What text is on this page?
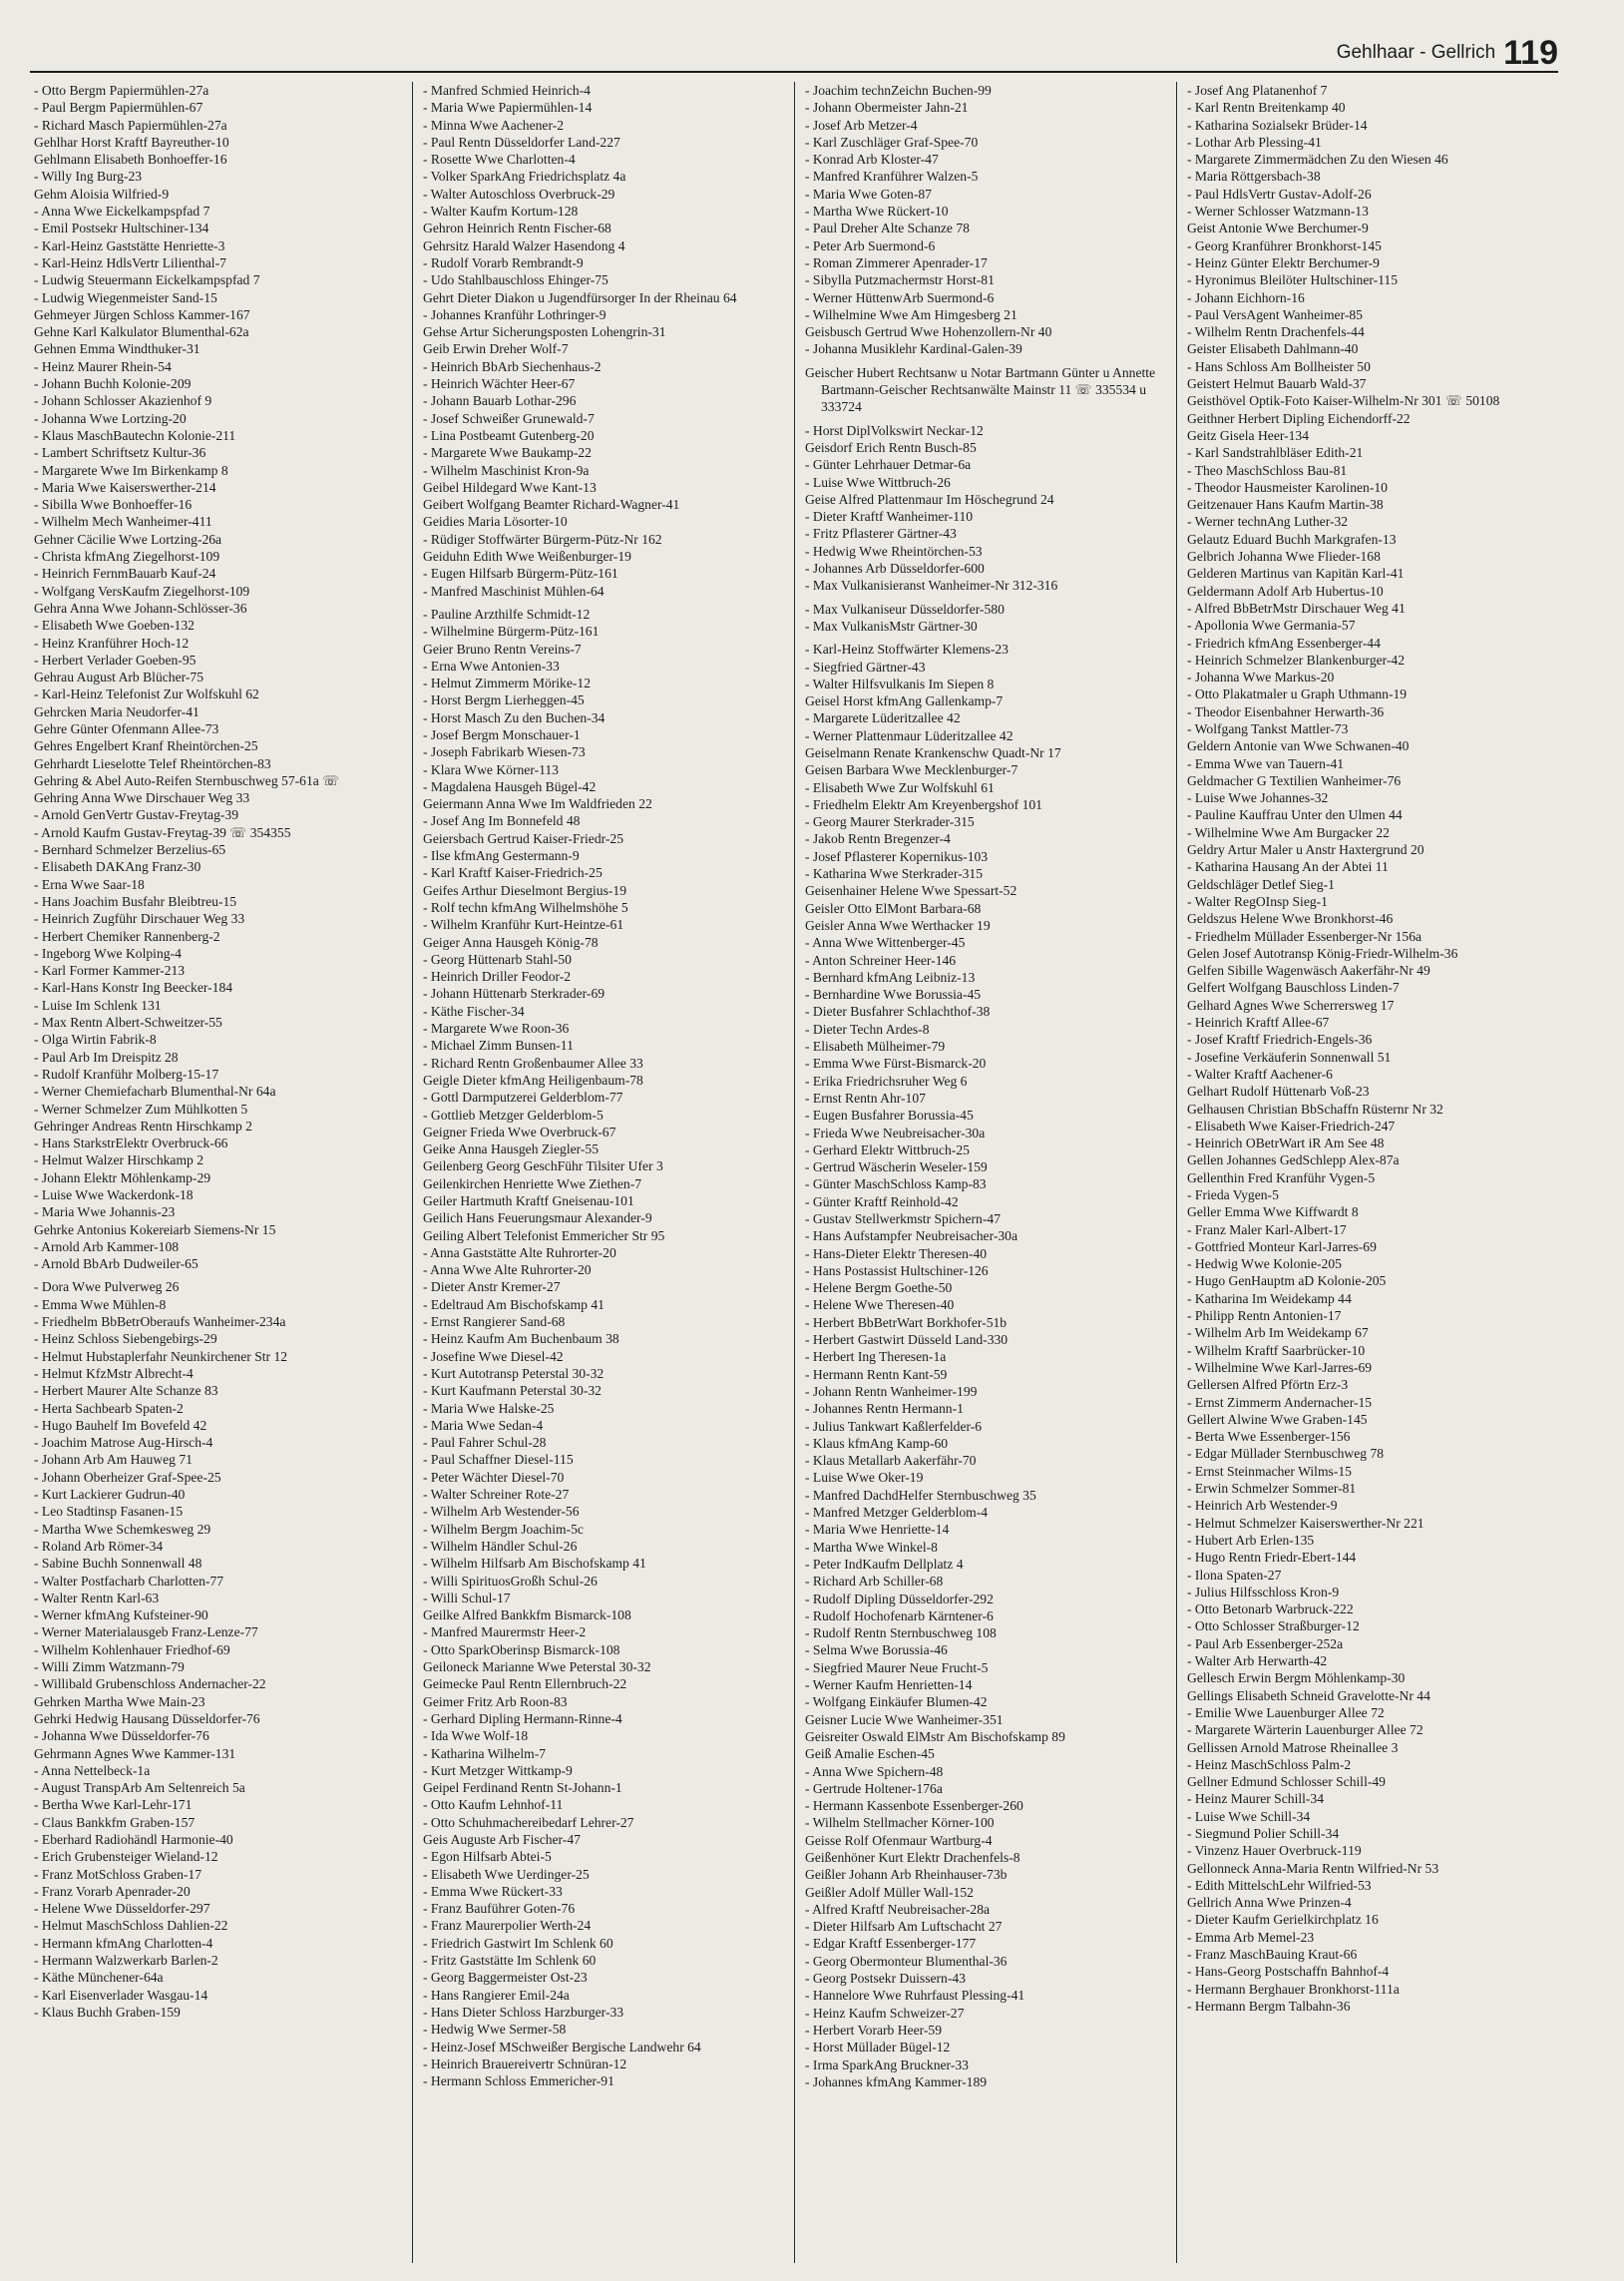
Gehlhaar - Gellrich 119
- Otto Bergm Papiermühlen-27a
- Paul Bergm Papiermühlen-67
- Richard Masch Papiermühlen-27a
Gehlhar Horst Kraftf Bayreuther-10
Gehlmann Elisabeth Bonhoeffer-16
- Willy Ing Burg-23
Gehm Aloisia Wilfried-9
- Anna Wwe Eickelkampspfad 7
- Emil Postsekr Hultschiner-134
- Karl-Heinz Gaststätte Henriette-3
- Karl-Heinz HdlsVertr Lilienthal-7
- Ludwig Steuermann Eickelkampspfad 7
- Ludwig Wiegenmeister Sand-15
Gehmeyer Jürgen Schloss Kammer-167
Gehne Karl Kalkulator Blumenthal-62a
Gehnen Emma Windthuker-31
- Heinz Maurer Rhein-54
- Johann Buchh Kolonie-209
- Johann Schlosser Akazienhof 9
- Johanna Wwe Lortzing-20
- Klaus MaschBautechn Kolonie-211
- Lambert Schriftsetz Kultur-36
- Margarete Wwe Im Birkenkamp 8
- Maria Wwe Kaiserswerther-214
- Sibilla Wwe Bonhoeffer-16
- Wilhelm Mech Wanheimer-411
Gehner Cäcilie Wwe Lortzing-26a
- Christa kfmAng Ziegelhorst-109
- Heinrich FernmBauarb Kauf-24
- Wolfgang VersKaufm Ziegelhorst-109
Gehra Anna Wwe Johann-Schlösser-36
- Elisabeth Wwe Goeben-132
- Heinz Kranführer Hoch-12
- Herbert Verlader Goeben-95
Gehrau August Arb Blücher-75
- Karl-Heinz Telefonist Zur Wolfskuhl 62
Gehrcken Maria Neudorfer-41
Gehre Günter Ofenmann Allee-73
Gehres Engelbert Kranf Rheintörchen-25
Gehrhardt Lieselotte Telef Rheintörchen-83
Gehring & Abel Auto-Reifen Sternbuschweg 57-61a ☏
Gehring Anna Wwe Dirschauer Weg 33
- Arnold GenVertr Gustav-Freytag-39
- Arnold Kaufm Gustav-Freytag-39 ☏ 354355
- Bernhard Schmelzer Berzelius-65
- Elisabeth DAKAng Franz-30
- Erna Wwe Saar-18
- Hans Joachim Busfahr Bleibtreu-15
- Heinrich Zugführ Dirschauer Weg 33
- Herbert Chemiker Rannenberg-2
- Ingeborg Wwe Kolping-4
- Karl Former Kammer-213
- Karl-Hans Konstr Ing Beecker-184
- Luise Im Schlenk 131
- Max Rentn Albert-Schweitzer-55
- Olga Wirtin Fabrik-8
- Paul Arb Im Dreispitz 28
- Rudolf Kranführ Molberg-15-17
- Werner Chemiefacharb Blumenthal-Nr 64a
- Werner Schmelzer Zum Mühlkotten 5
Gehringer Andreas Rentn Hirschkamp 2
- Hans StarkstrElektr Overbruck-66
- Helmut Walzer Hirschkamp 2
- Johann Elektr Möhlenkamp-29
- Luise Wwe Wackerdonk-18
- Maria Wwe Johannis-23
Gehrke Antonius Kokereiarb Siemens-Nr 15
- Arnold Arb Kammer-108
- Arnold BbArb Dudweiler-65
- Dora Wwe Pulverweg 26
- Emma Wwe Mühlen-8
- Friedhelm BbBetrOberaufs Wanheimer-234a
- Heinz Schloss Siebengebirgs-29
- Helmut Hubstaplerfahr Neunkirchener Str 12
- Helmut KfzMstr Albrecht-4
- Herbert Maurer Alte Schanze 83
- Herta Sachbearb Spaten-2
- Hugo Bauhelf Im Bovefeld 42
- Joachim Matrose Aug-Hirsch-4
- Johann Arb Am Hauweg 71
- Johann Oberheizer Graf-Spee-25
- Kurt Lackierer Gudrun-40
- Leo Stadtinsp Fasanen-15
- Martha Wwe Schemkesweg 29
- Roland Arb Römer-34
- Sabine Buchh Sonnenwall 48
- Walter Postfacharb Charlotten-77
- Walter Rentn Karl-63
- Werner kfmAng Kufsteiner-90
- Werner Materialausgeb Franz-Lenze-77
- Wilhelm Kohlenhauer Friedhof-69
- Willi Zimm Watzmann-79
- Willibald Grubenschloss Andernacher-22
Gehrken Martha Wwe Main-23
Gehrki Hedwig Hausang Düsseldorfer-76
- Johanna Wwe Düsseldorfer-76
Gehrmann Agnes Wwe Kammer-131
- Anna Nettelbeck-1a
- August TranspArb Am Seltenreich 5a
- Bertha Wwe Karl-Lehr-171
- Claus Bankkfm Graben-157
- Eberhard Radiohändl Harmonie-40
- Erich Grubensteiger Wieland-12
- Franz MotSchloss Graben-17
- Franz Vorarb Apenrader-20
- Helene Wwe Düsseldorfer-297
- Helmut MaschSchloss Dahlien-22
- Hermann kfmAng Charlotten-4
- Hermann Walzwerkarb Barlen-2
- Käthe Münchener-64a
- Karl Eisenverlader Wasgau-14
- Klaus Buchh Graben-159
- Manfred Schmied Heinrich-4
- Maria Wwe Papiermühlen-14
- Minna Wwe Aachener-2
- Paul Rentn Düsseldorfer Land-227
- Rosette Wwe Charlotten-4
- Volker SparkAng Friedrichsplatz 4a
- Walter Autoschloss Overbruck-29
- Walter Kaufm Kortum-128
Gehron Heinrich Rentn Fischer-68
Gehrsitz Harald Walzer Hasendong 4
- Rudolf Vorarb Rembrandt-9
- Udo Stahlbauschloss Ehinger-75
Gehrt Dieter Diakon u Jugendfürsorger In der Rheinau 64
- Johannes Kranführ Lothringer-9
Gehse Artur Sicherungsposten Lohengrin-31
Geib Erwin Dreher Wolf-7
- Heinrich BbArb Siechenhaus-2
- Heinrich Wächter Heer-67
- Johann Bauarb Lothar-296
- Josef Schweißer Grunewald-7
- Lina Postbeamt Gutenberg-20
- Margarete Wwe Baukamp-22
- Wilhelm Maschinist Kron-9a
Geibel Hildegard Wwe Kant-13
Geibert Wolfgang Beamter Richard-Wagner-41
Geidies Maria Lösorter-10
- Rüdiger Stoffwärter Bürgerm-Pütz-Nr 162
Geiduhn Edith Wwe Weißenburger-19
- Eugen Hilfsarb Bürgerm-Pütz-161
- Manfred Maschinist Mühlen-64
- Pauline Arzthilfe Schmidt-12
- Wilhelmine Bürgerm-Pütz-161
Geier Bruno Rentn Vereins-7
- Erna Wwe Antonien-33
- Helmut Zimmerm Mörike-12
- Horst Bergm Lierheggen-45
- Horst Masch Zu den Buchen-34
- Josef Bergm Monschauer-1
- Joseph Fabrikarb Wiesen-73
- Klara Wwe Körner-113
- Magdalena Hausgeh Bügel-42
Geiermann Anna Wwe Im Waldfrieden 22
- Josef Ang Im Bonnefeld 48
Geiersbach Gertrud Kaiser-Friedr-25
- Ilse kfmAng Gestermann-9
- Karl Kraftf Kaiser-Friedrich-25
Geifes Arthur Dieselmont Bergius-19
- Rolf techn kfmAng Wilhelmshöhe 5
- Wilhelm Kranführ Kurt-Heintze-61
Geiger Anna Hausgeh König-78
- Georg Hüttenarb Stahl-50
- Heinrich Driller Feodor-2
- Johann Hüttenarb Sterkrader-69
- Käthe Fischer-34
- Margarete Wwe Roon-36
- Michael Zimm Bunsen-11
- Richard Rentn Großenbaumer Allee 33
Geigle Dieter kfmAng Heiligenbaum-78
- Gottl Darmputzerei Gelderblom-77
- Gottlieb Metzger Gelderblom-5
Geigner Frieda Wwe Overbruck-67
Geike Anna Hausgeh Ziegler-55
Geilenberg Georg GeschFühr Tilsiter Ufer 3
Geilenkirchen Henriette Wwe Ziethen-7
Geiler Hartmuth Kraftf Gneisenau-101
Geilich Hans Feuerungsmaur Alexander-9
Geiling Albert Telefonist Emmericher Str 95
- Anna Gaststätte Alte Ruhrorter-20
- Anna Wwe Alte Ruhrorter-20
- Dieter Anstr Kremer-27
- Edeltraud Am Bischofskamp 41
- Ernst Rangierer Sand-68
- Heinz Kaufm Am Buchenbaum 38
- Josefine Wwe Diesel-42
- Kurt Autotransp Peterstal 30-32
- Kurt Kaufmann Peterstal 30-32
- Maria Wwe Halske-25
- Maria Wwe Sedan-4
- Paul Fahrer Schul-28
- Paul Schaffner Diesel-115
- Peter Wächter Diesel-70
- Walter Schreiner Rote-27
- Wilhelm Arb Westender-56
- Wilhelm Bergm Joachim-5c
- Wilhelm Händler Schul-26
- Wilhelm Hilfsarb Am Bischofskamp 41
- Willi SpirituosGroßh Schul-26
- Willi Schul-17
Geilke Alfred Bankkfm Bismarck-108
- Manfred Maurermstr Heer-2
- Otto SparkOberinsp Bismarck-108
Geiloneck Marianne Wwe Peterstal 30-32
Geimecke Paul Rentn Ellernbruch-22
Geimer Fritz Arb Roon-83
- Gerhard Dipling Hermann-Rinne-4
- Ida Wwe Wolf-18
- Katharina Wilhelm-7
- Kurt Metzger Wittkamp-9
Geipel Ferdinand Rentn St-Johann-1
- Otto Kaufm Lehnhof-11
- Otto Schuhmachereibedarf Lehrer-27
Geis Auguste Arb Fischer-47
- Egon Hilfsarb Abtei-5
- Elisabeth Wwe Uerdinger-25
- Emma Wwe Rückert-33
- Franz Bauführer Goten-76
- Franz Maurerpolier Werth-24
- Friedrich Gastwirt Im Schlenk 60
- Fritz Gaststätte Im Schlenk 60
- Georg Baggermeister Ost-23
- Hans Rangierer Emil-24a
- Hans Dieter Schloss Harzburger-33
- Hedwig Wwe Sermer-58
- Heinz-Josef MSchweißer Bergische Landwehr 64
- Heinrich Brauereivertr Schnüran-12
- Hermann Schloss Emmericher-91
- Joachim technZeichn Buchen-99
- Johann Obermeister Jahn-21
- Josef Arb Metzer-4
- Karl Zuschläger Graf-Spee-70
- Konrad Arb Kloster-47
- Manfred Kranführer Walzen-5
- Maria Wwe Goten-87
- Martha Wwe Rückert-10
- Paul Dreher Alte Schanze 78
- Peter Arb Suermond-6
- Roman Zimmerer Apenrader-17
- Sibylla Putzmachermstr Horst-81
- Werner HüttenwArb Suermond-6
- Wilhelmine Wwe Am Himgesberg 21
Geisbusch Gertrud Wwe Hohenzollern-Nr 40
- Johanna Musiklehr Kardinal-Galen-39
Geischer Hubert Rechtsanw u Notar Bartmann Günter u Annette Bartmann-Geischer Rechtsanwälte Mainstr 11 ☏ 335534 u 333724
- Horst DiplVolkswirt Neckar-12
Geisdorf Erich Rentn Busch-85
- Günter Lehrhauer Detmar-6a
- Luise Wwe Wittbruch-26
Geise Alfred Plattenmaur Im Höschegrund 24
- Dieter Kraftf Wanheimer-110
- Fritz Pflasterer Gärtner-43
- Hedwig Wwe Rheintörchen-53
- Johannes Arb Düsseldorfer-600
- Max Vulkanisieranst Wanheimer-Nr 312-316
- Max Vulkaniseur Düsseldorfer-580
- Max VulkanisMstr Gärtner-30
- Karl-Heinz Stoffwärter Klemens-23
- Siegfried Gärtner-43
- Walter Hilfsvulkanis Im Siepen 8
Geisel Horst kfmAng Gallenkamp-7
- Margarete Lüderitzallee 42
- Werner Plattenmaur Lüderitzallee 42
Geiselmann Renate Krankenschw Quadt-Nr 17
Geisen Barbara Wwe Mecklenburger-7
- Elisabeth Wwe Zur Wolfskuhl 61
- Friedhelm Elektr Am Kreyenbergshof 101
- Georg Maurer Sterkrader-315
- Jakob Rentn Bregenzer-4
- Josef Pflasterer Kopernikus-103
- Katharina Wwe Sterkrader-315
Geisenhainer Helene Wwe Spessart-52
Geisler Otto ElMont Barbara-68
Geisler Anna Wwe Werthacker 19
- Anna Wwe Wittenberger-45
- Anton Schreiner Heer-146
- Bernhard kfmAng Leibniz-13
- Bernhardine Wwe Borussia-45
- Dieter Busfahrer Schlachthof-38
- Dieter Techn Ardes-8
- Elisabeth Mülheimer-79
- Emma Wwe Fürst-Bismarck-20
- Erika Friedrichsruher Weg 6
- Ernst Rentn Ahr-107
- Eugen Busfahrer Borussia-45
- Frieda Wwe Neubreisacher-30a
- Gerhard Elektr Wittbruch-25
- Gertrud Wäscherin Weseler-159
- Günter MaschSchloss Kamp-83
- Günter Kraftf Reinhold-42
- Gustav Stellwerkmstr Spichern-47
- Hans Aufstampfer Neubreisacher-30a
- Hans-Dieter Elektr Theresen-40
- Hans Postassist Hultschiner-126
- Helene Bergm Goethe-50
- Helene Wwe Theresen-40
- Herbert BbBetrWart Borkhofer-51b
- Herbert Gastwirt Düsseld Land-330
- Herbert Ing Theresen-1a
- Hermann Rentn Kant-59
- Johann Rentn Wanheimer-199
- Johannes Rentn Hermann-1
- Julius Tankwart Kaßlerfelder-6
- Klaus kfmAng Kamp-60
- Klaus Metallarb Aakerfähr-70
- Luise Wwe Oker-19
- Manfred DachdHelfer Sternbuschweg 35
- Manfred Metzger Gelderblom-4
- Maria Wwe Henriette-14
- Martha Wwe Winkel-8
- Peter IndKaufm Dellplatz 4
- Richard Arb Schiller-68
- Rudolf Dipling Düsseldorfer-292
- Rudolf Hochofenarb Kärntener-6
- Rudolf Rentn Sternbuschweg 108
- Selma Wwe Borussia-46
- Siegfried Maurer Neue Frucht-5
- Werner Kaufm Henrietten-14
- Wolfgang Einkäufer Blumen-42
Geisner Lucie Wwe Wanheimer-351
Geisreiter Oswald ElMstr Am Bischofskamp 89
Geiß Amalie Eschen-45
- Anna Wwe Spichern-48
- Gertrude Holtener-176a
- Hermann Kassenbote Essenberger-260
- Wilhelm Stellmacher Körner-100
Geisse Rolf Ofenmaur Wartburg-4
Geißenhöner Kurt Elektr Drachenfels-8
Geißler Johann Arb Rheinhauser-73b
Geißler Adolf Müller Wall-152
- Alfred Kraftf Neubreisacher-28a
- Dieter Hilfsarb Am Luftschacht 27
- Edgar Kraftf Essenberger-177
- Georg Obermonteur Blumenthal-36
- Georg Postsekr Duissern-43
- Hannelore Wwe Ruhrfaust Plessing-41
- Heinz Kaufm Schweizer-27
- Herbert Vorarb Heer-59
- Horst Müllader Bügel-12
- Irma SparkAng Bruckner-33
- Johannes kfmAng Kammer-189
- Josef Ang Platanenhof 7
- Karl Rentn Breitenkamp 40
- Katharina Sozialsekr Brüder-14
- Lothar Arb Plessing-41
- Margarete Zimmermädchen Zu den Wiesen 46
- Maria Röttgersbach-38
- Paul HdlsVertr Gustav-Adolf-26
- Werner Schlosser Watzmann-13
Geist Antonie Wwe Berchumer-9
- Georg Kranführer Bronkhorst-145
- Heinz Günter Elektr Berchumer-9
- Hyronimus Bleilöter Hultschiner-115
- Johann Eichhorn-16
- Paul VersAgent Wanheimer-85
- Wilhelm Rentn Drachenfels-44
Geister Elisabeth Dahlmann-40
- Hans Schloss Am Bollheister 50
Geistert Helmut Bauarb Wald-37
Geisthövel Optik-Foto Kaiser-Wilhelm-Nr 301 ☏ 50108
Geithner Herbert Dipling Eichendorff-22
Geitz Gisela Heer-134
- Karl Sandstrahlbläser Edith-21
- Theo MaschSchloss Bau-81
- Theodor Hausmeister Karolinen-10
Geitzenauer Hans Kaufm Martin-38
- Werner technAng Luther-32
Gelautz Eduard Buchh Markgrafen-13
Gelbrich Johanna Wwe Flieder-168
Gelderen Martinus van Kapitän Karl-41
Geldermann Adolf Arb Hubertus-10
- Alfred BbBetrMstr Dirschauer Weg 41
- Apollonia Wwe Germania-57
- Friedrich kfmAng Essenberger-44
- Heinrich Schmelzer Blankenburger-42
- Johanna Wwe Markus-20
- Otto Plakatmaler u Graph Uthmann-19
- Theodor Eisenbahner Herwarth-36
- Wolfgang Tankst Mattler-73
Geldern Antonie van Wwe Schwanen-40
- Emma Wwe van Tauern-41
Geldmacher G Textilien Wanheimer-76
- Luise Wwe Johannes-32
- Pauline Kauffrau Unter den Ulmen 44
- Wilhelmine Wwe Am Burgacker 22
Geldry Artur Maler u Anstr Haxtergrund 20
- Katharina Hausang An der Abtei 11
Geldschläger Detlef Sieg-1
- Walter RegOInsp Sieg-1
Geldszus Helene Wwe Bronkhorst-46
- Friedhelm Müllader Essenberger-Nr 156a
Gelen Josef Autotransp König-Friedr-Wilhelm-36
Gelfen Sibille Wagenwäsch Aakerfähr-Nr 49
Gelfert Wolfgang Bauschloss Linden-7
Gelhard Agnes Wwe Scherrersweg 17
- Heinrich Kraftf Allee-67
- Josef Kraftf Friedrich-Engels-36
- Josefine Verkäuferin Sonnenwall 51
- Walter Kraftf Aachener-6
Gelhart Rudolf Hüttenarb Voß-23
Gelhausen Christian BbSchaffn Rüsternr Nr 32
- Elisabeth Wwe Kaiser-Friedrich-247
- Heinrich OBetrWart iR Am See 48
Gellen Johannes GedSchlepp Alex-87a
Gellenthin Fred Kranführ Vygen-5
- Frieda Vygen-5
Geller Emma Wwe Kiffwardt 8
- Franz Maler Karl-Albert-17
- Gottfried Monteur Karl-Jarres-69
- Hedwig Wwe Kolonie-205
- Hugo GenHauptm aD Kolonie-205
- Katharina Im Weidekamp 44
- Philipp Rentn Antonien-17
- Wilhelm Arb Im Weidekamp 67
- Wilhelm Kraftf Saarbrücker-10
- Wilhelmine Wwe Karl-Jarres-69
Gellersen Alfred Pförtn Erz-3
- Ernst Zimmerm Andernacher-15
Gellert Alwine Wwe Graben-145
- Berta Wwe Essenberger-156
- Edgar Müllader Sternbuschweg 78
- Ernst Steinmacher Wilms-15
- Erwin Schmelzer Sommer-81
- Heinrich Arb Westender-9
- Helmut Schmelzer Kaiserswerther-Nr 221
- Hubert Arb Erlen-135
- Hugo Rentn Friedr-Ebert-144
- Ilona Spaten-27
- Julius Hilfsschloss Kron-9
- Otto Betonarb Warbruck-222
- Otto Schlosser Straßburger-12
- Paul Arb Essenberger-252a
- Walter Arb Herwarth-42
Gellesch Erwin Bergm Möhlenkamp-30
Gellings Elisabeth Schneid Gravelotte-Nr 44
- Emilie Wwe Lauenburger Allee 72
- Margarete Wärterin Lauenburger Allee 72
Gellissen Arnold Matrose Rheinallee 3
- Heinz MaschSchloss Palm-2
Gellner Edmund Schlosser Schill-49
- Heinz Maurer Schill-34
- Luise Wwe Schill-34
- Siegmund Polier Schill-34
- Vinzenz Hauer Overbruck-119
Gellonneck Anna-Maria Rentn Wilfried-Nr 53
- Edith MittelschLehr Wilfried-53
Gellrich Anna Wwe Prinzen-4
- Dieter Kaufm Gerielkirchplatz 16
- Emma Arb Memel-23
- Franz MaschBauing Kraut-66
- Hans-Georg Postschaffn Bahnhof-4
- Hermann Berghauer Bronkhorst-111a
- Hermann Bergm Talbahn-36
